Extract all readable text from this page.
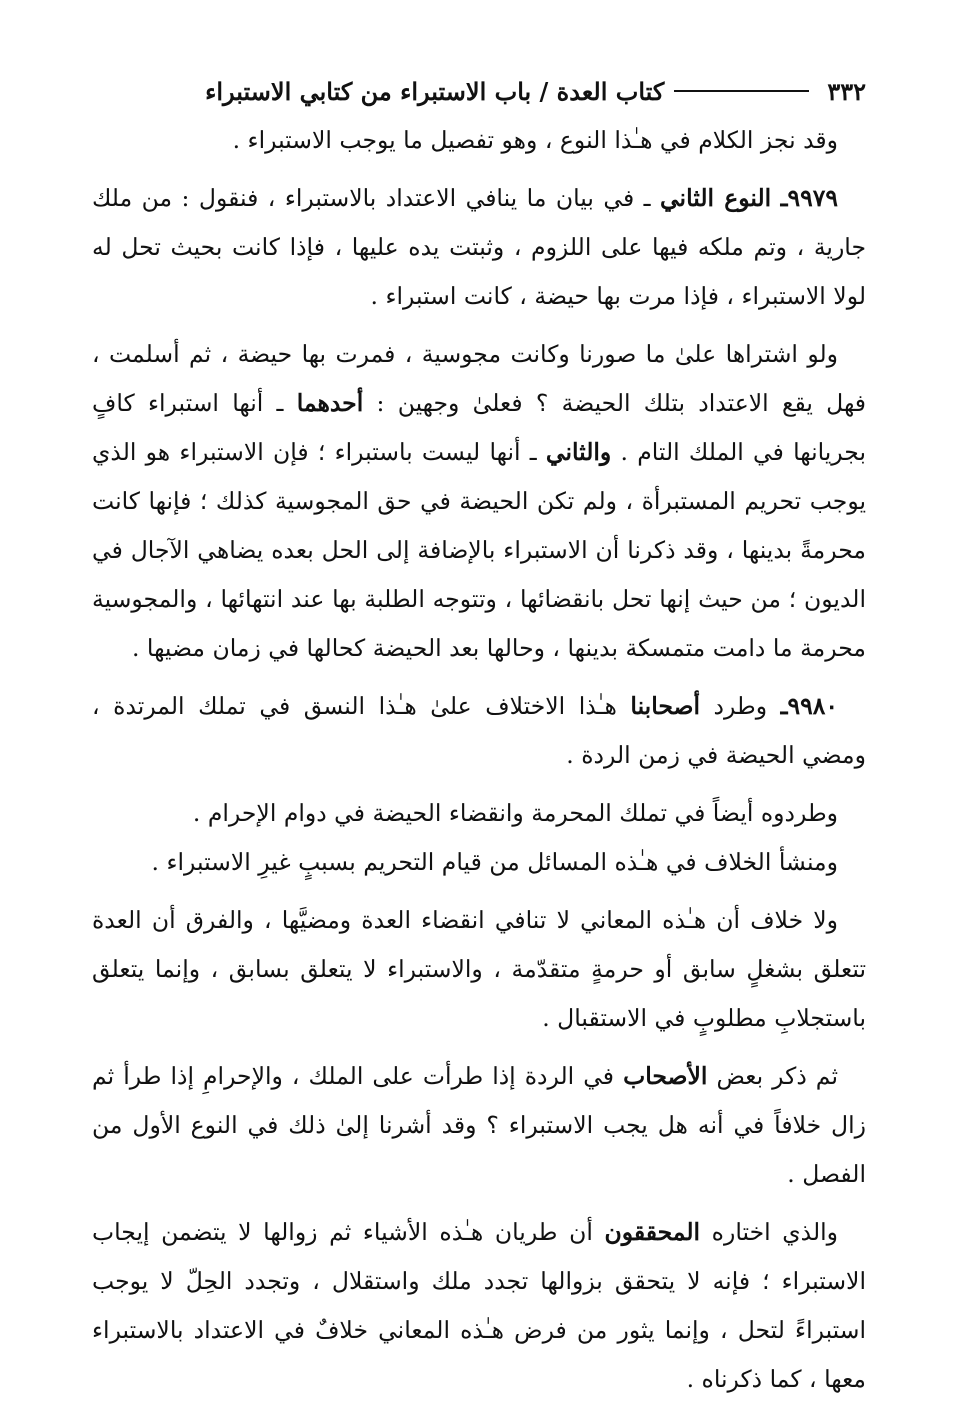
٣٣٢
كتاب العدة / باب الاستبراء من كتابي الاستبراء

وقد نجز الكلام في هـٰذا النوع ، وهو تفصيل ما يوجب الاستبراء .

٩٩٧٩ـ النوع الثاني ـ في بيان ما ينافي الاعتداد بالاستبراء ، فنقول : من ملك جارية ، وتم ملكه فيها على اللزوم ، وثبتت يده عليها ، فإذا كانت بحيث تحل له لولا الاستبراء ، فإذا مرت بها حيضة ، كانت استبراء .

ولو اشتراها علىٰ ما صورنا وكانت مجوسية ، فمرت بها حيضة ، ثم أسلمت ، فهل يقع الاعتداد بتلك الحيضة ؟ فعلىٰ وجهين : أحدهما ـ أنها استبراء كافٍ بجريانها في الملك التام . والثاني ـ أنها ليست باستبراء ؛ فإن الاستبراء هو الذي يوجب تحريم المستبرأة ، ولم تكن الحيضة في حق المجوسية كذلك ؛ فإنها كانت محرمةً بدينها ، وقد ذكرنا أن الاستبراء بالإضافة إلى الحل بعده يضاهي الآجال في الديون ؛ من حيث إنها تحل بانقضائها ، وتتوجه الطلبة بها عند انتهائها ، والمجوسية محرمة ما دامت متمسكة بدينها ، وحالها بعد الحيضة كحالها في زمان مضيها .

٩٩٨٠ـ وطرد أصحابنا هـٰذا الاختلاف علىٰ هـٰذا النسق في تملك المرتدة ، ومضي الحيضة في زمن الردة .

وطردوه أيضاً في تملك المحرمة وانقضاء الحيضة في دوام الإحرام .

ومنشأ الخلاف في هـٰذه المسائل من قيام التحريم بسببٍ غيرِ الاستبراء .

ولا خلاف أن هـٰذه المعاني لا تنافي انقضاء العدة ومضيَّها ، والفرق أن العدة تتعلق بشغلٍ سابق أو حرمةٍ متقدّمة ، والاستبراء لا يتعلق بسابق ، وإنما يتعلق باستجلابِ مطلوبٍ في الاستقبال .

ثم ذكر بعض الأصحاب في الردة إذا طرأت على الملك ، والإحرامِ إذا طرأ ثم زال خلافاً في أنه هل يجب الاستبراء ؟ وقد أشرنا إلىٰ ذلك في النوع الأول من الفصل .

والذي اختاره المحققون أن طريان هـٰذه الأشياء ثم زوالها لا يتضمن إيجاب الاستبراء ؛ فإنه لا يتحقق بزوالها تجدد ملك واستقلال ، وتجدد الحِلّ لا يوجب استبراءً لتحل ، وإنما يثور من فرض هـٰذه المعاني خلافٌ في الاعتداد بالاستبراء معها ، كما ذكرناه .
